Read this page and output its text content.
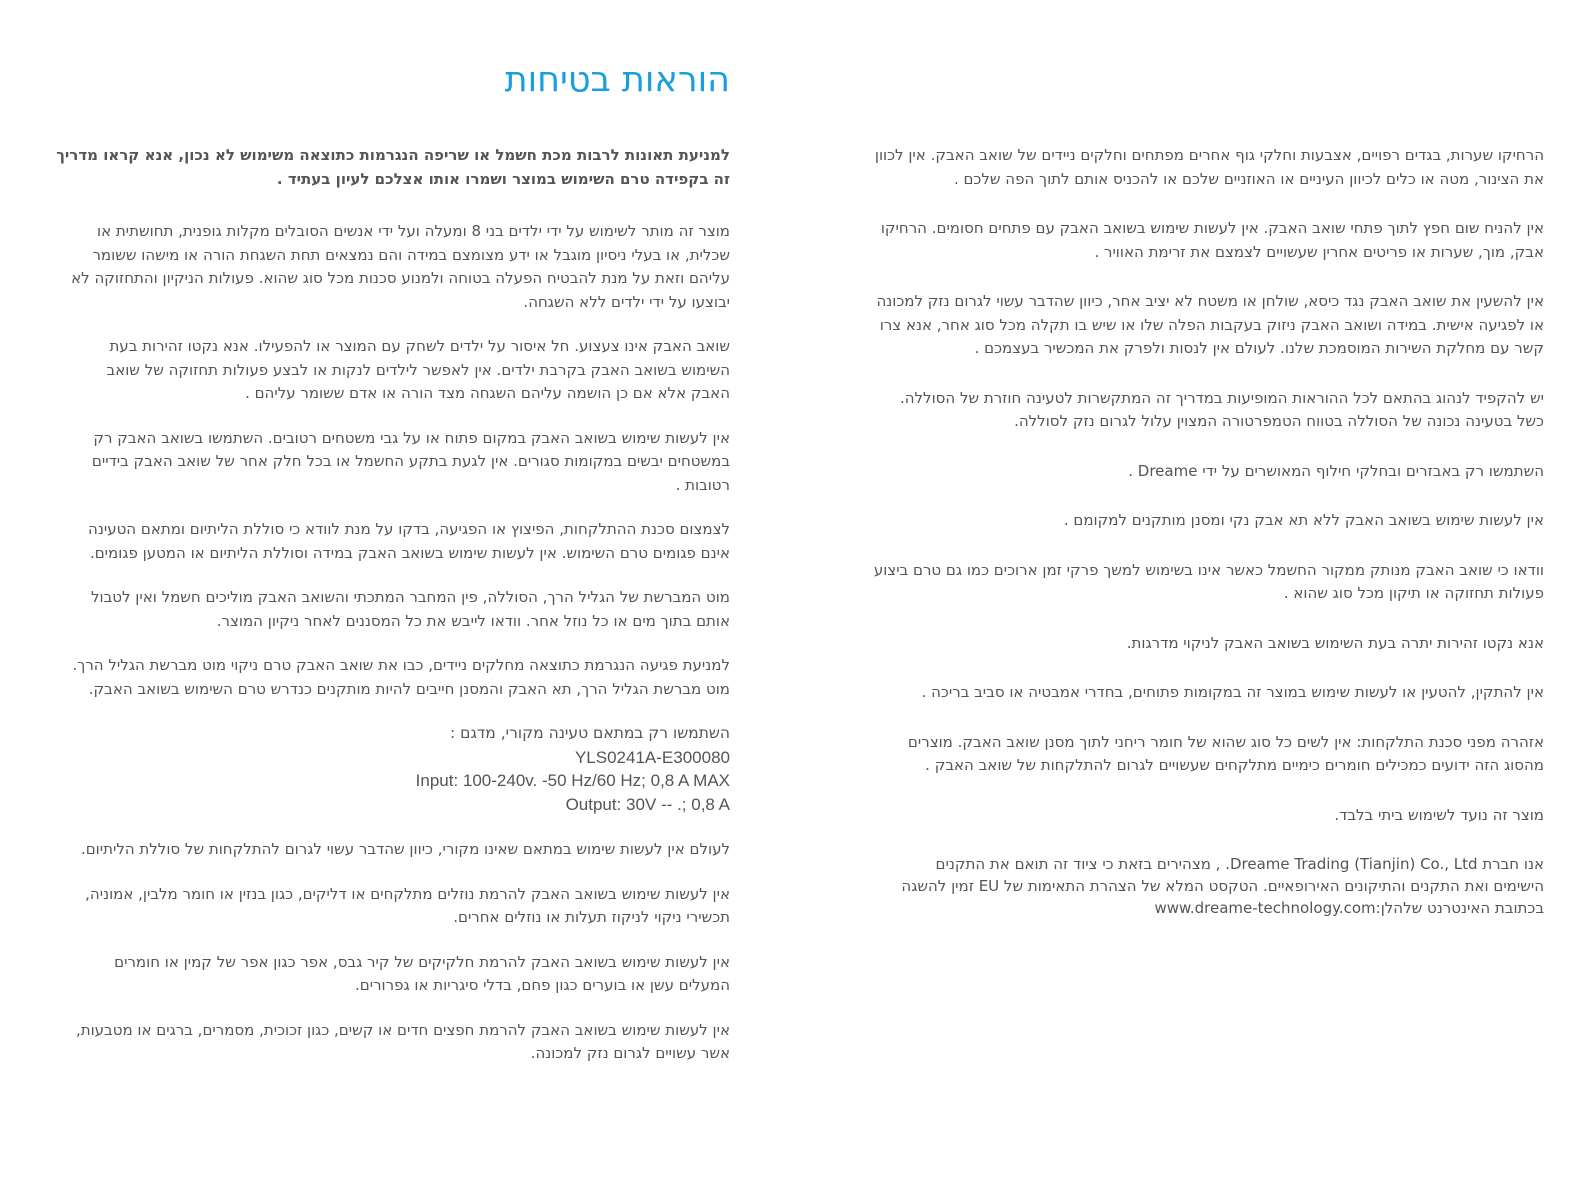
הוראות בטיחות

למניעת תאונות לרבות מכת חשמל או שריפה הנגרמות כתוצאה משימוש לא נכון, אנא קראו מדריך
זה בקפידה טרם השימוש במוצר ושמרו אותו אצלכם לעיון בעתיד .

מוצר זה מותר לשימוש על ידי ילדים בני 8 ומעלה ועל ידי אנשים הסובלים מקלות גופנית, תחושתית או
שכלית, או בעלי ניסיון מוגבל או ידע מצומצם במידה והם נמצאים תחת השגחת הורה או מישהו ששומר
עליהם וזאת על מנת להבטיח הפעלה בטוחה ולמנוע סכנות מכל סוג שהוא. פעולות הניקיון והתחזוקה לא
יבוצעו על ידי ילדים ללא השגחה.

שואב האבק אינו צעצוע. חל איסור על ילדים לשחק עם המוצר או להפעילו. אנא נקטו זהירות בעת
השימוש בשואב האבק בקרבת ילדים. אין לאפשר לילדים לנקות או לבצע פעולות תחזוקה של שואב
האבק אלא אם כן הושמה עליהם השגחה מצד הורה או אדם ששומר עליהם .

אין לעשות שימוש בשואב האבק במקום פתוח או על גבי משטחים רטובים. השתמשו בשואב האבק רק
במשטחים יבשים במקומות סגורים. אין לגעת בתקע החשמל או בכל חלק אחר של שואב האבק בידיים
רטובות .

לצמצום סכנת ההתלקחות, הפיצוץ או הפגיעה, בדקו על מנת לוודא כי סוללת הליתיום ומתאם הטעינה
אינם פגומים טרם השימוש. אין לעשות שימוש בשואב האבק במידה וסוללת הליתיום או המטען פגומים.

מוט המברשת של הגליל הרך, הסוללה, פין המחבר המתכתי והשואב האבק מוליכים חשמל ואין לטבול
אותם בתוך מים או כל נוזל אחר. וודאו לייבש את כל המסננים לאחר ניקיון המוצר.

למניעת פגיעה הנגרמת כתוצאה מחלקים ניידים, כבו את שואב האבק טרם ניקוי מוט מברשת הגליל הרך.
מוט מברשת הגליל הרך, תא האבק והמסנן חייבים להיות מותקנים כנדרש טרם השימוש בשואב האבק.

השתמשו רק במתאם טעינה מקורי, מדגם :
YLS0241A-E300080
Input: 100-240v. -50 Hz/60 Hz; 0,8 A MAX
Output: 30V -- .; 0,8 A

לעולם אין לעשות שימוש במתאם שאינו מקורי, כיוון שהדבר עשוי לגרום להתלקחות של סוללת הליתיום.

אין לעשות שימוש בשואב האבק להרמת נוזלים מתלקחים או דליקים, כגון בנזין או חומר מלבין, אמוניה,
תכשירי ניקוי לניקוז תעלות או נוזלים אחרים.

אין לעשות שימוש בשואב האבק להרמת חלקיקים של קיר גבס, אפר כגון אפר של קמין או חומרים
המעלים עשן או בוערים כגון פחם, בדלי סיגריות או גפרורים.

אין לעשות שימוש בשואב האבק להרמת חפצים חדים או קשים, כגון זכוכית, מסמרים, ברגים או מטבעות,
אשר עשויים לגרום נזק למכונה.

הרחיקו שערות, בגדים רפויים, אצבעות וחלקי גוף אחרים מפתחים וחלקים ניידים של שואב האבק. אין לכוון
את הצינור, מטה או כלים לכיוון העיניים או האוזניים שלכם או להכניס אותם לתוך הפה שלכם .

אין להניח שום חפץ לתוך פתחי שואב האבק. אין לעשות שימוש בשואב האבק עם פתחים חסומים. הרחיקו
אבק, מוך, שערות או פריטים אחרין שעשויים לצמצם את זרימת האוויר .

אין להשעין את שואב האבק נגד כיסא, שולחן או משטח לא יציב אחר, כיוון שהדבר עשוי לגרום נזק למכונה
או לפגיעה אישית. במידה ושואב האבק ניזוק בעקבות הפלה שלו או שיש בו תקלה מכל סוג אחר, אנא צרו
קשר עם מחלקת השירות המוסמכת שלנו. לעולם אין לנסות ולפרק את המכשיר בעצמכם .

יש להקפיד לנהוג בהתאם לכל ההוראות המופיעות במדריך זה המתקשרות לטעינה חוזרת של הסוללה.
כשל בטעינה נכונה של הסוללה בטווח הטמפרטורה המצוין עלול לגרום נזק לסוללה.

השתמשו רק באבזרים ובחלקי חילוף המאושרים על ידי Dreame .

אין לעשות שימוש בשואב האבק ללא תא אבק נקי ומסנן מותקנים למקומם .

וודאו כי שואב האבק מנותק ממקור החשמל כאשר אינו בשימוש למשך פרקי זמן ארוכים כמו גם טרם ביצוע
פעולות תחזוקה או תיקון מכל סוג שהוא .

אנא נקטו זהירות יתרה בעת השימוש בשואב האבק לניקוי מדרגות.

אין להתקין, להטעין או לעשות שימוש במוצר זה במקומות פתוחים, בחדרי אמבטיה או סביב בריכה .

אזהרה מפני סכנת התלקחות: אין לשים כל סוג שהוא של חומר ריחני לתוך מסנן שואב האבק. מוצרים
מהסוג הזה ידועים כמכילים חומרים כימיים מתלקחים שעשויים לגרום להתלקחות של שואב האבק .

מוצר זה נועד לשימוש ביתי בלבד.

אנו חברת Dreame Trading (Tianjin) Co., Ltd. , מצהירים בזאת כי ציוד זה תואם את התקנים
הישימים ואת התקנים והתיקונים האירופאיים. הטקסט המלא של הצהרת התאימות של EU זמין להשגה
בכתובת האינטרנט שלהלן:www.dreame-technology.com
